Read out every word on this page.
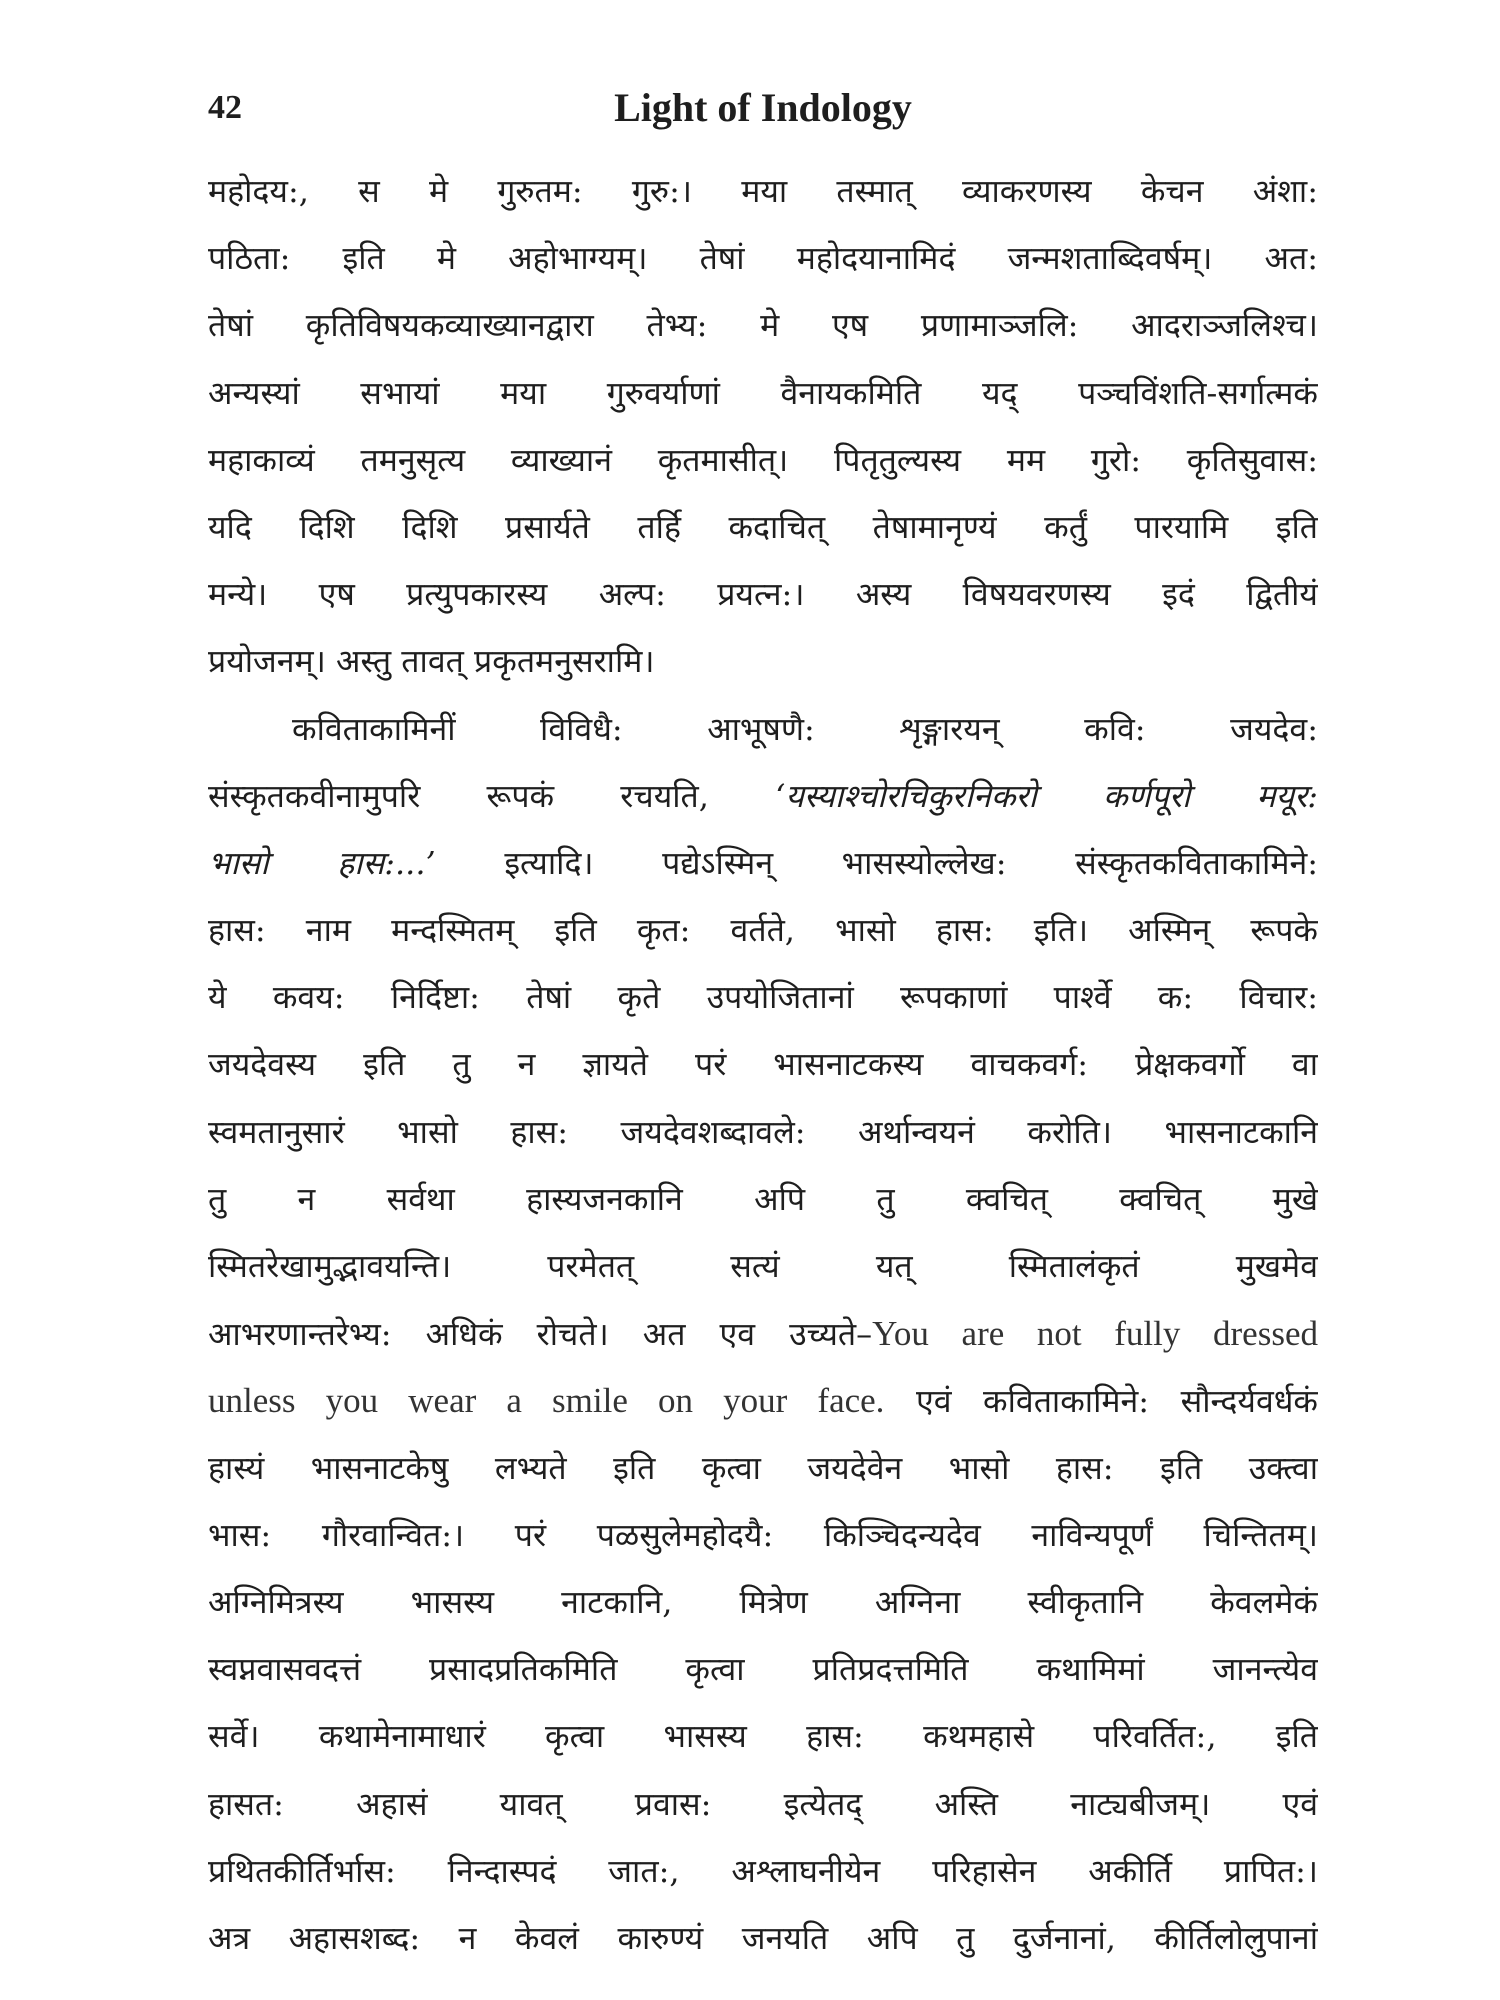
42	Light of Indology
महोदय:, स मे गुरुतम: गुरु:। मया तस्मात् व्याकरणस्य केचन अंशा:
पठिता: इति मे अहोभाग्यम्। तेषां महोदयानामिदं जन्मशताब्दिवर्षम्। अत:
तेषां कृतिविषयकव्याख्यानद्वारा तेभ्य: मे एष प्रणामाञ्जलि: आदराञ्जलिश्च।
अन्यस्यां सभायां मया गुरुवर्याणां वैनायकमिति यद् पञ्चविंशति-सर्गात्मकं
महाकाव्यं तमनुसृत्य व्याख्यानं कृतमासीत्। पितृतुल्यस्य मम गुरो: कृतिसुवास:
यदि दिशि दिशि प्रसार्यते तर्हि कदाचित् तेषामानृण्यं कर्तुं पारयामि इति
मन्ये। एष प्रत्युपकारस्य अल्प: प्रयत्न:। अस्य विषयवरणस्य इदं द्वितीयं
प्रयोजनम्। अस्तु तावत् प्रकृतमनुसरामि।
कविताकामिनीं विविधै: आभूषणै: शृङ्गारयन् कवि: जयदेव:
संस्कृतकवीनामुपरि रूपकं रचयति, ‘यस्याश्चोरचिकुरनिकरो कर्णपूरो मयूर:
भासो हास:...’ इत्यादि। पद्येऽस्मिन् भासस्योल्लेख: संस्कृतकविताकामिने:
हास: नाम मन्दस्मितम् इति कृत: वर्तते, भासो हास: इति। अस्मिन् रूपके
ये कवय: निर्दिष्टा: तेषां कृते उपयोजितानां रूपकाणां पार्श्वे क: विचार:
जयदेवस्य इति तु न ज्ञायते परं भासनाटकस्य वाचकवर्ग: प्रेक्षकवर्गो वा
स्वमतानुसारं भासो हास: जयदेवशब्दावले: अर्थान्वयनं करोति। भासनाटकानि
तु न सर्वथा हास्यजनकानि अपि तु क्वचित् क्वचित् मुखे
स्मितरेखामुद्भावयन्ति। परमेतत् सत्यं यत् स्मितालंकृतं मुखमेव
आभरणान्तरेभ्य: अधिकं रोचते। अत एव उच्यते–You are not fully dressed
unless you wear a smile on your face. एवं कविताकामिने: सौन्दर्यवर्धकं
हास्यं भासनाटकेषु लभ्यते इति कृत्वा जयदेवेन भासो हास: इति उक्त्वा
भास: गौरवान्वित:। परं पळसुलेमहोदयै: किञ्चिदन्यदेव नाविन्यपूर्णं चिन्तितम्।
अग्निमित्रस्य भासस्य नाटकानि, मित्रेण अग्निना स्वीकृतानि केवलमेकं
स्वप्नवासवदत्तं प्रसादप्रतिकमिति कृत्वा प्रतिप्रदत्तमिति कथामिमां जानन्त्येव
सर्वे। कथामेनामाधारं कृत्वा भासस्य हास: कथमहासे परिवर्तित:, इति
हासत: अहासं यावत् प्रवास: इत्येतद् अस्ति नाट्यबीजम्। एवं
प्रथितकीर्तिर्भास: निन्दास्पदं जात:, अश्लाघनीयेन परिहासेन अकीर्ति प्रापित:।
अत्र अहासशब्द: न केवलं कारुण्यं जनयति अपि तु दुर्जनानां, कीर्तिलोलुपानां
